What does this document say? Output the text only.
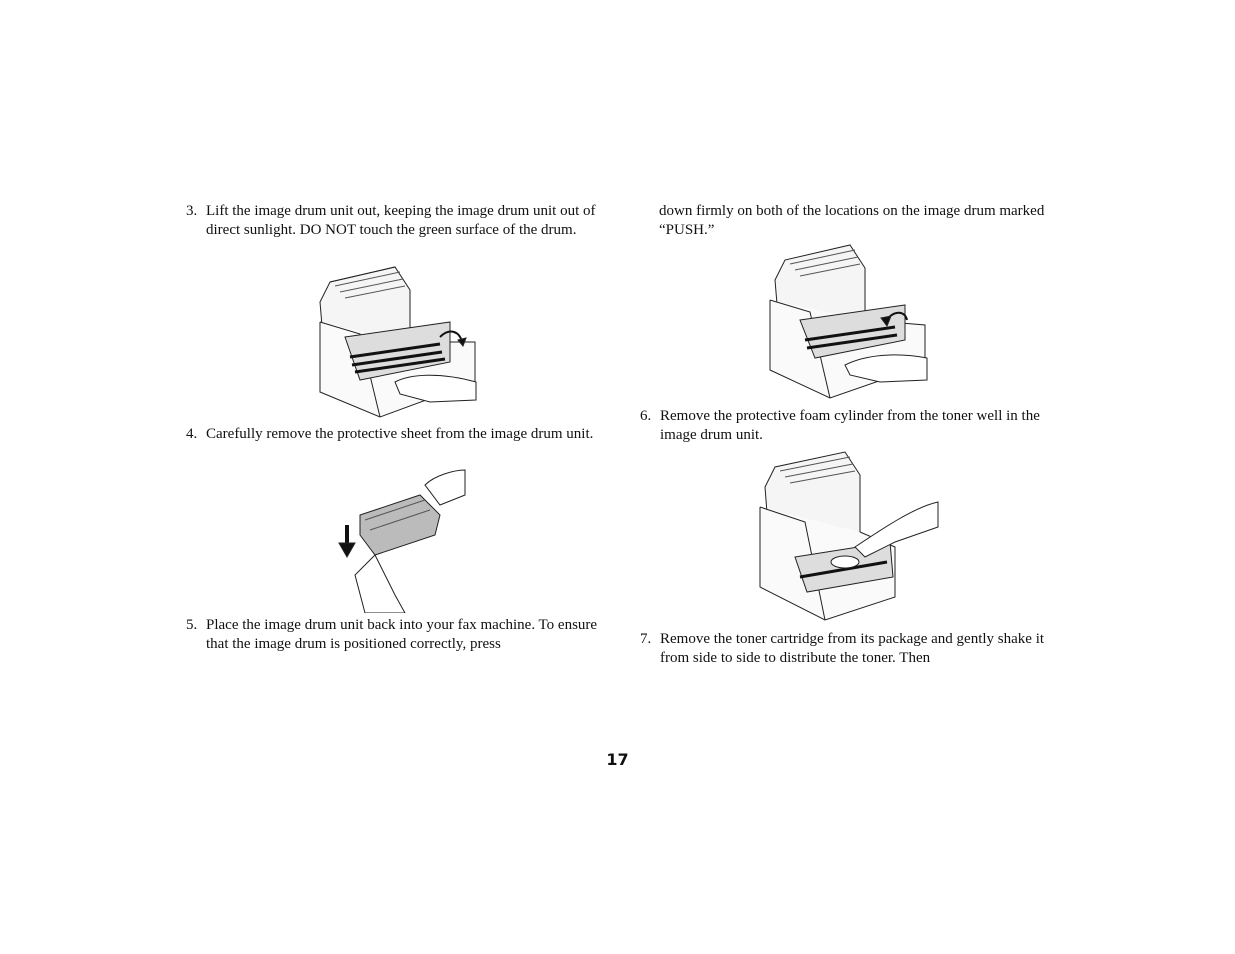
3. Lift the image drum unit out, keeping the image drum unit out of direct sunlight. DO NOT touch the green surface of the drum.
4. Carefully remove the protective sheet from the image drum unit.
5. Place the image drum unit back into your fax machine. To ensure that the image drum is positioned correctly, press
down firmly on both of the locations on the image drum marked “PUSH.”
6. Remove the protective foam cylinder from the toner well in the image drum unit.
7. Remove the toner cartridge from its package and gently shake it from side to side to distribute the toner. Then
17
